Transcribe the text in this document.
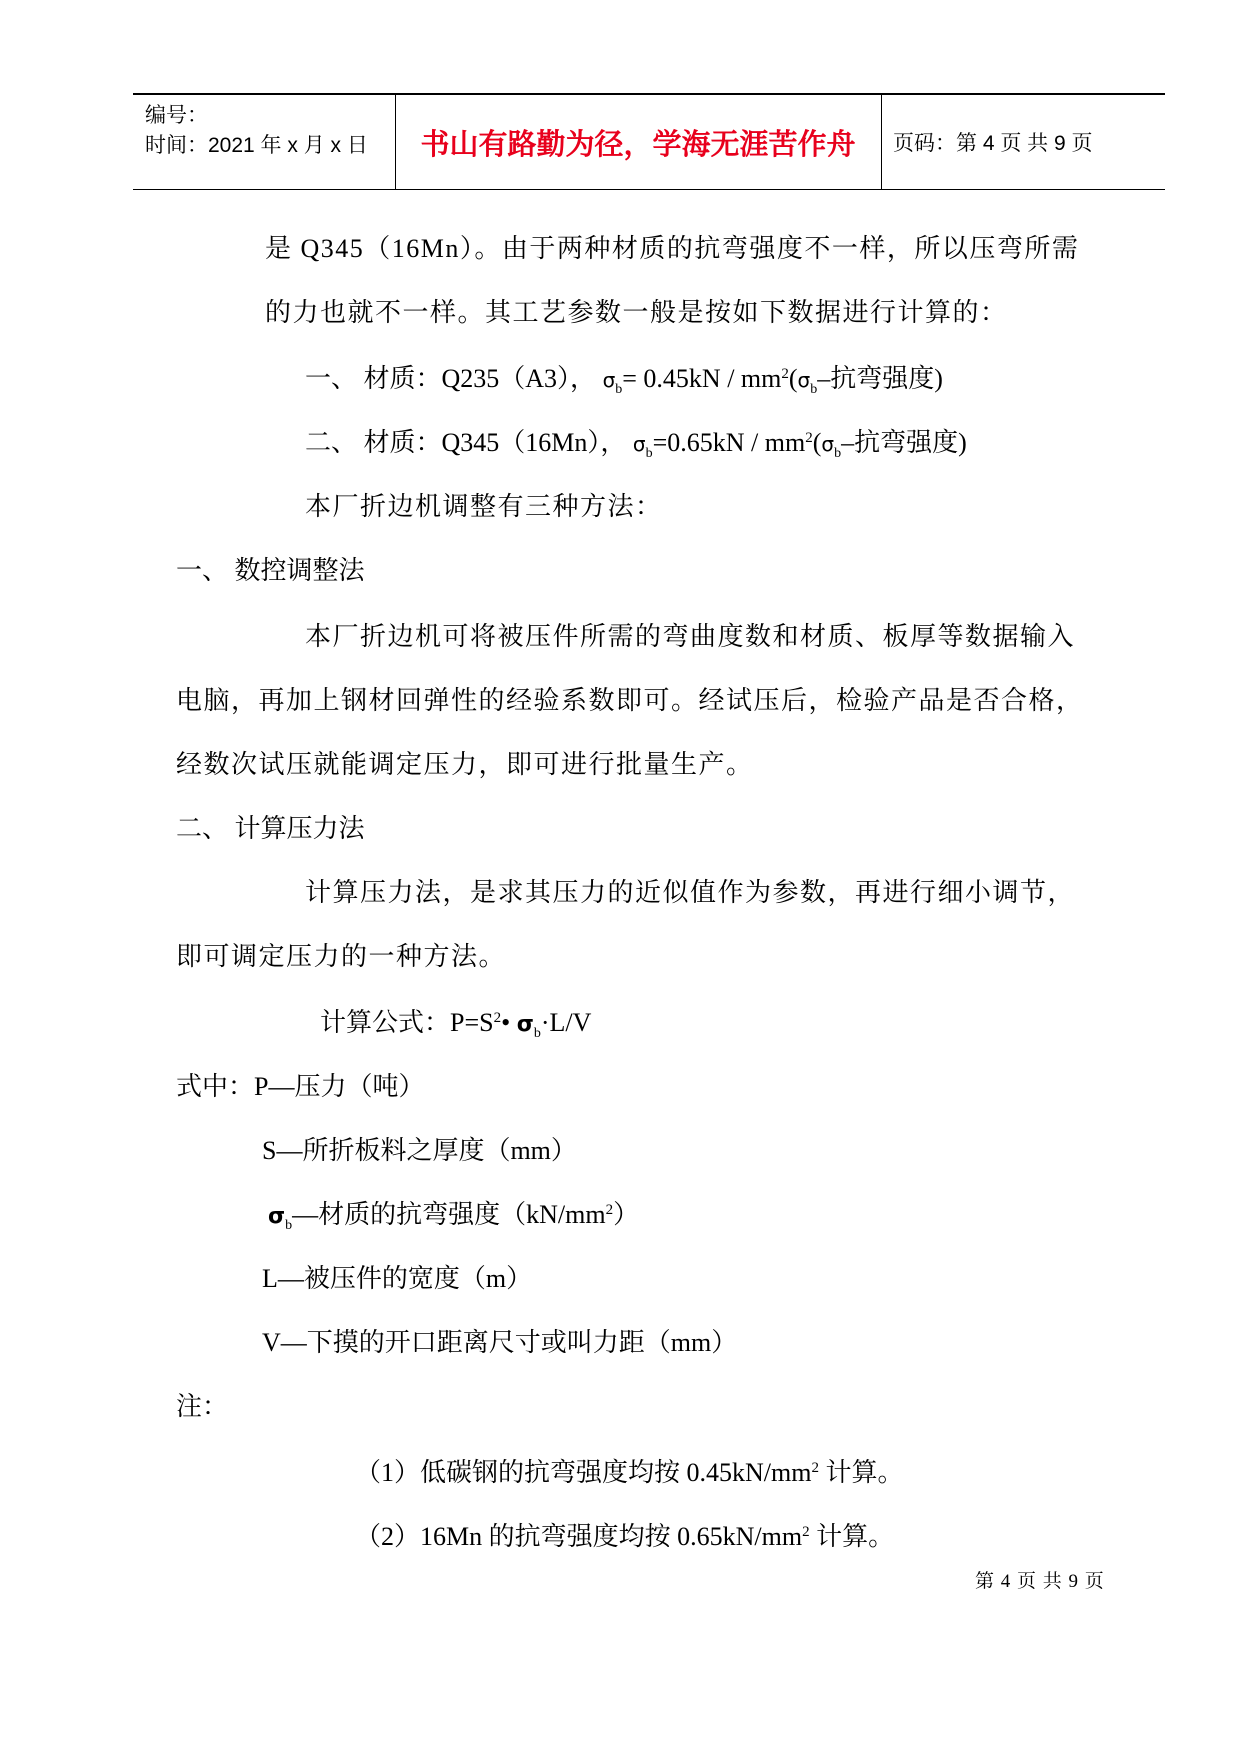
编号：
时间：2021 年 x 月 x 日	书山有路勤为径，学海无涯苦作舟	页码：第 4 页 共 9 页
是 Q345（16Mn）。由于两种材质的抗弯强度不一样，所以压弯所需
的力也就不一样。其工艺参数一般是按如下数据进行计算的：
一、 材质：Q235（A3）， $\sigma_b= 0.45kN / mm^2(\sigma_b-$抗弯强度)
二、 材质：Q345（16Mn）， $\sigma_b=0.65kN / mm^2(\sigma_b-$抗弯强度)
本厂折边机调整有三种方法：
一、 数控调整法
本厂折边机可将被压件所需的弯曲度数和材质、板厚等数据输入
电脑，再加上钢材回弹性的经验系数即可。经试压后，检验产品是否合格，
经数次试压就能调定压力，即可进行批量生产。
二、 计算压力法
计算压力法，是求其压力的近似值作为参数，再进行细小调节，
即可调定压力的一种方法。
计算公式：$P=S^2•$ $\sigma_b\cdot L/V$
式中：P—压力（吨）
S—所折板料之厚度（mm）
$\sigma_b—$材质的抗弯强度$(kN/mm^2)$
L—被压件的宽度（m）
V—下摸的开口距离尺寸或叫力距（mm）
注：
（1）低碳钢的抗弯强度均按 $0.45kN/mm^2$ 计算。
（2）16Mn 的抗弯强度均按 $0.65kN/mm^2$ 计算。
第 4 页 共 9 页
